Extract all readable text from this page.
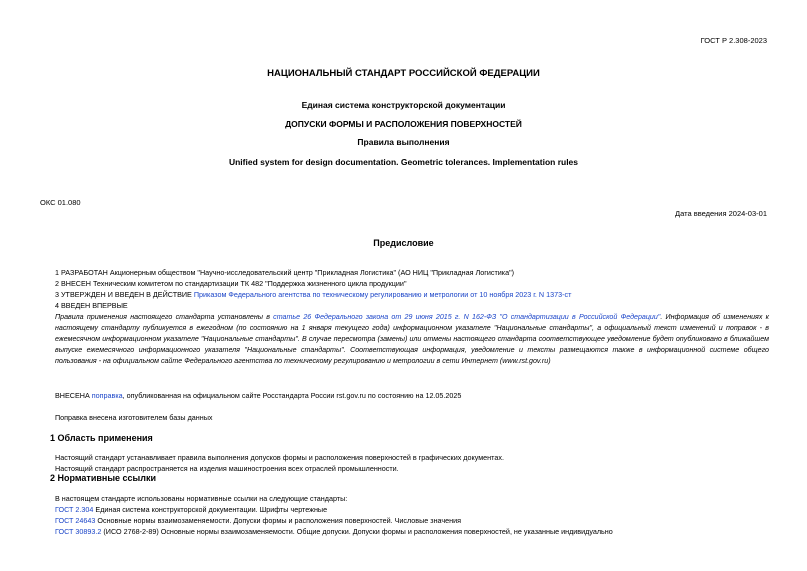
ГОСТ Р 2.308-2023
НАЦИОНАЛЬНЫЙ СТАНДАРТ РОССИЙСКОЙ ФЕДЕРАЦИИ
Единая система конструкторской документации
ДОПУСКИ ФОРМЫ И РАСПОЛОЖЕНИЯ ПОВЕРХНОСТЕЙ
Правила выполнения
Unified system for design documentation. Geometric tolerances. Implementation rules
ОКС 01.080
Дата введения 2024-03-01
Предисловие
1 РАЗРАБОТАН Акционерным обществом "Научно-исследовательский центр "Прикладная Логистика" (АО НИЦ "Прикладная Логистика")
2 ВНЕСЕН Техническим комитетом по стандартизации ТК 482 "Поддержка жизненного цикла продукции"
3 УТВЕРЖДЕН И ВВЕДЕН В ДЕЙСТВИЕ Приказом Федерального агентства по техническому регулированию и метрологии от 10 ноября 2023 г. N 1373-ст
4 ВВЕДЕН ВПЕРВЫЕ
Правила применения настоящего стандарта установлены в статье 26 Федерального закона от 29 июня 2015 г. N 162-ФЗ "О стандартизации в Российской Федерации". Информация об изменениях к настоящему стандарту публикуется в ежегодном (по состоянию на 1 января текущего года) информационном указателе "Национальные стандарты", а официальный текст изменений и поправок - в ежемесячном информационном указателе "Национальные стандарты". В случае пересмотра (замены) или отмены настоящего стандарта соответствующее уведомление будет опубликовано в ближайшем выпуске ежемесячного информационного указателя "Национальные стандарты". Соответствующая информация, уведомление и тексты размещаются также в информационной системе общего пользования - на официальном сайте Федерального агентства по техническому регулированию и метрологии в сети Интернет (www.rst.gov.ru)
ВНЕСЕНА поправка, опубликованная на официальном сайте Росстандарта России rst.gov.ru по состоянию на 12.05.2025
Поправка внесена изготовителем базы данных
1 Область применения
Настоящий стандарт устанавливает правила выполнения допусков формы и расположения поверхностей в графических документах.
Настоящий стандарт распространяется на изделия машиностроения всех отраслей промышленности.
2 Нормативные ссылки
В настоящем стандарте использованы нормативные ссылки на следующие стандарты:
ГОСТ 2.304 Единая система конструкторской документации. Шрифты чертежные
ГОСТ 24643 Основные нормы взаимозаменяемости. Допуски формы и расположения поверхностей. Числовые значения
ГОСТ 30893.2 (ИСО 2768-2-89) Основные нормы взаимозаменяемости. Общие допуски. Допуски формы и расположения поверхностей, не указанные индивидуально
